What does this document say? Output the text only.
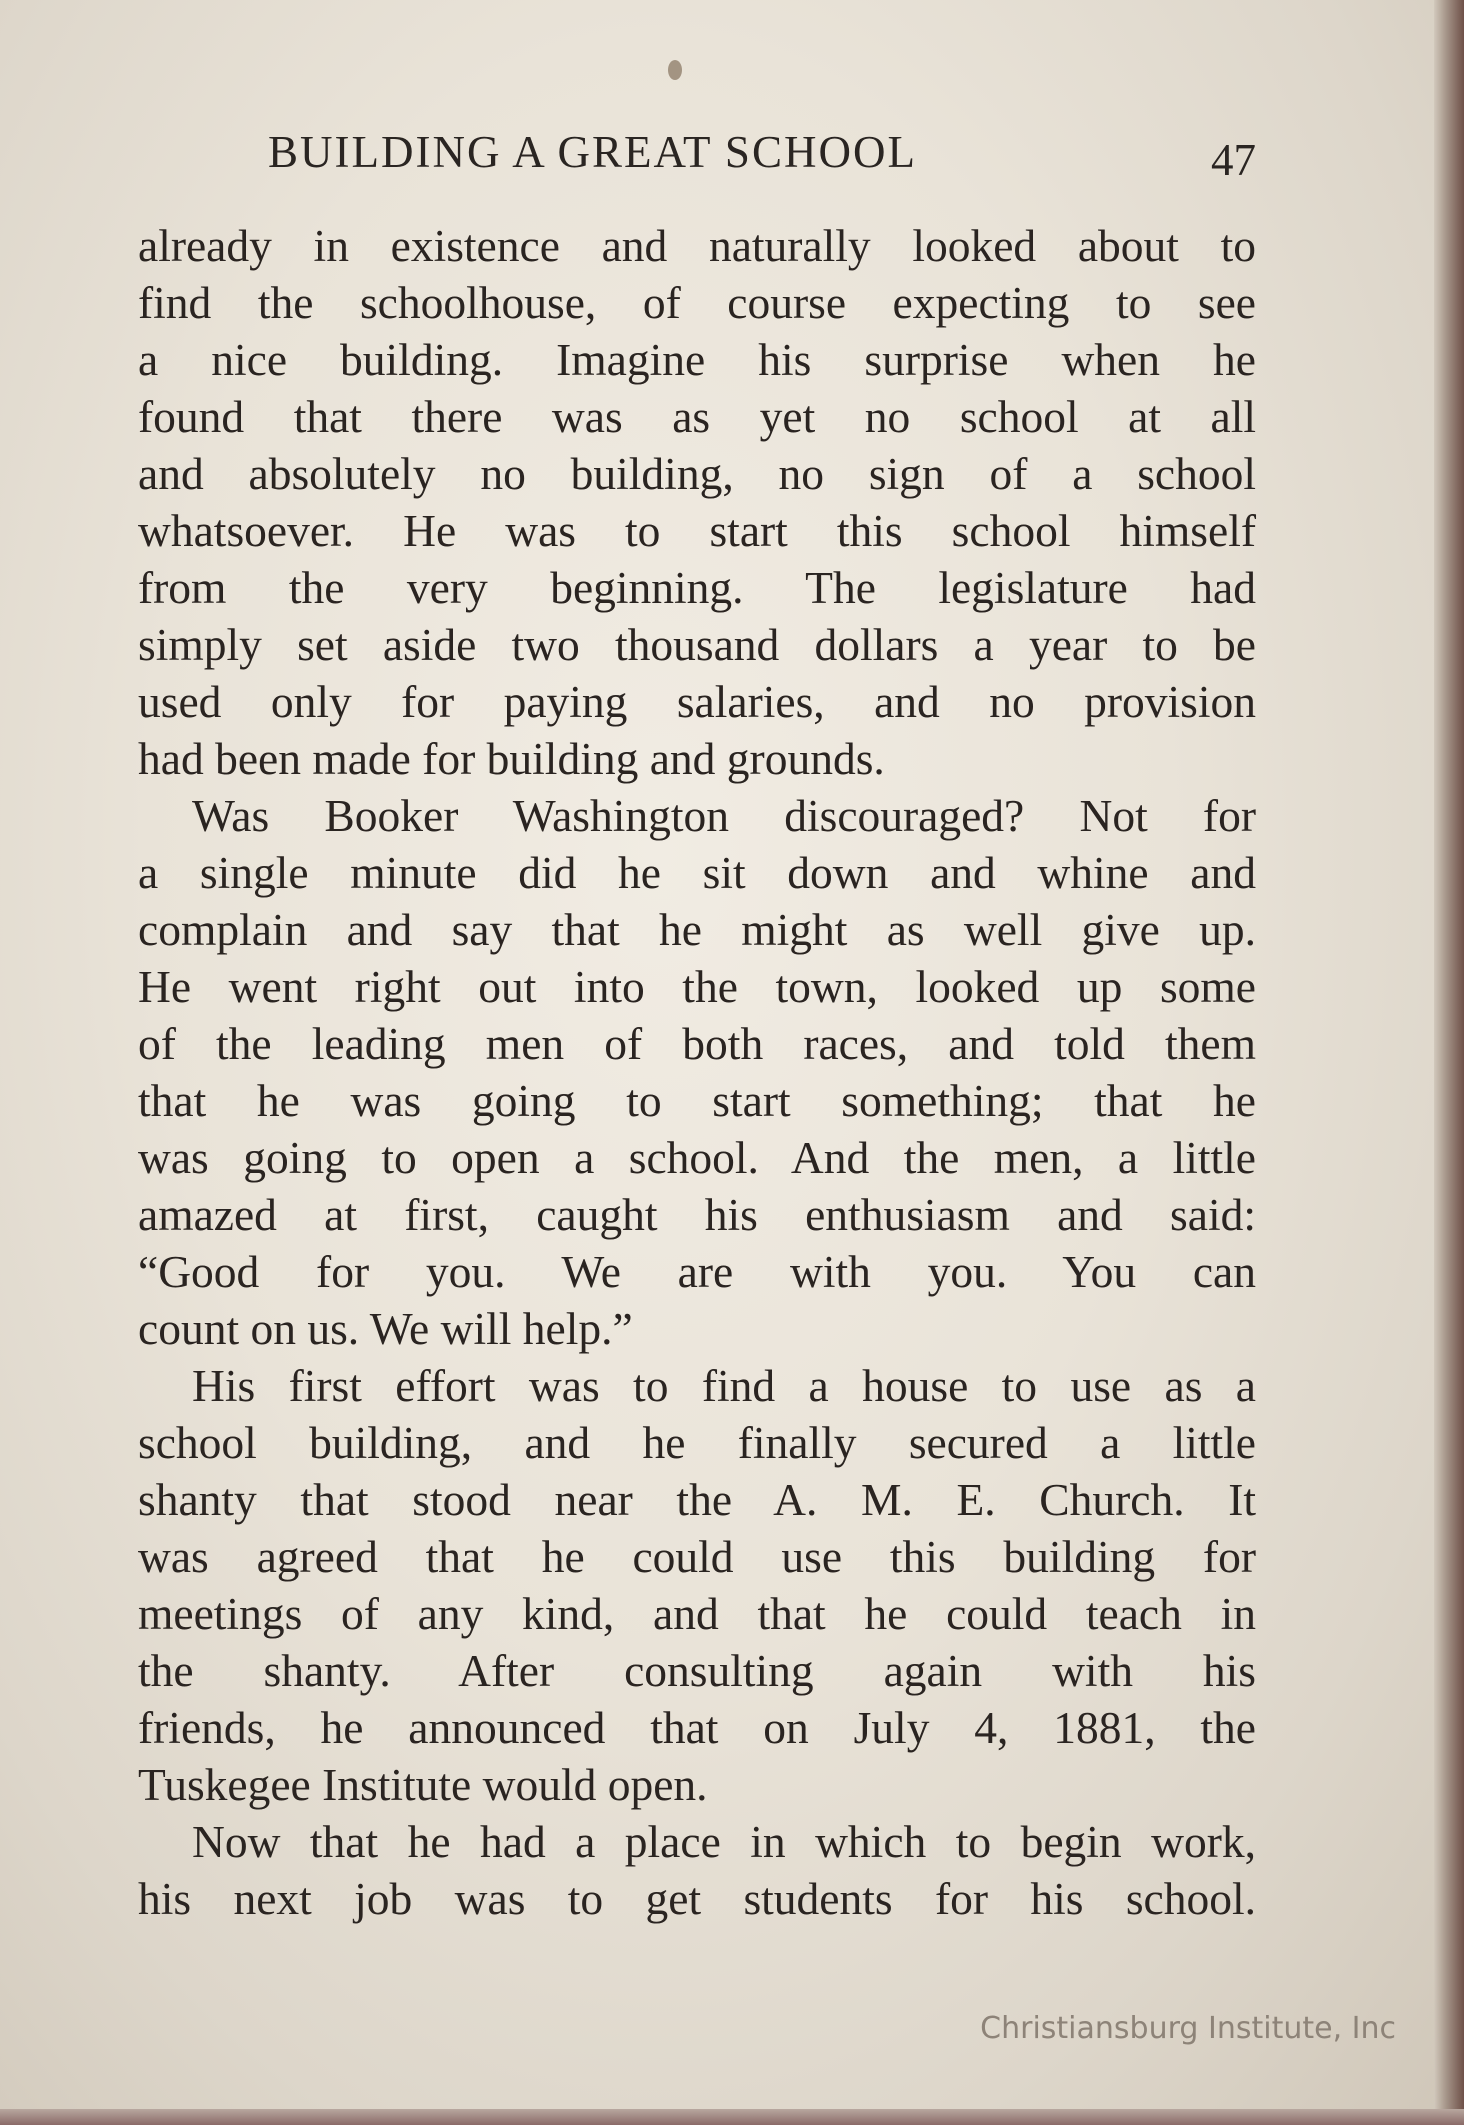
BUILDING A GREAT SCHOOL	47
already in existence and naturally looked about to
find the schoolhouse, of course expecting to see
a nice building. Imagine his surprise when he
found that there was as yet no school at all
and absolutely no building, no sign of a school
whatsoever. He was to start this school himself
from the very beginning. The legislature had
simply set aside two thousand dollars a year to be
used only for paying salaries, and no provision
had been made for building and grounds.
Was Booker Washington discouraged? Not for
a single minute did he sit down and whine and
complain and say that he might as well give up.
He went right out into the town, looked up some
of the leading men of both races, and told them
that he was going to start something; that he
was going to open a school. And the men, a little
amazed at first, caught his enthusiasm and said:
“Good for you. We are with you. You can
count on us. We will help.”
His first effort was to find a house to use as a
school building, and he finally secured a little
shanty that stood near the A. M. E. Church. It
was agreed that he could use this building for
meetings of any kind, and that he could teach in
the shanty. After consulting again with his
friends, he announced that on July 4, 1881, the
Tuskegee Institute would open.
Now that he had a place in which to begin work,
his next job was to get students for his school.
Christiansburg Institute, Inc
